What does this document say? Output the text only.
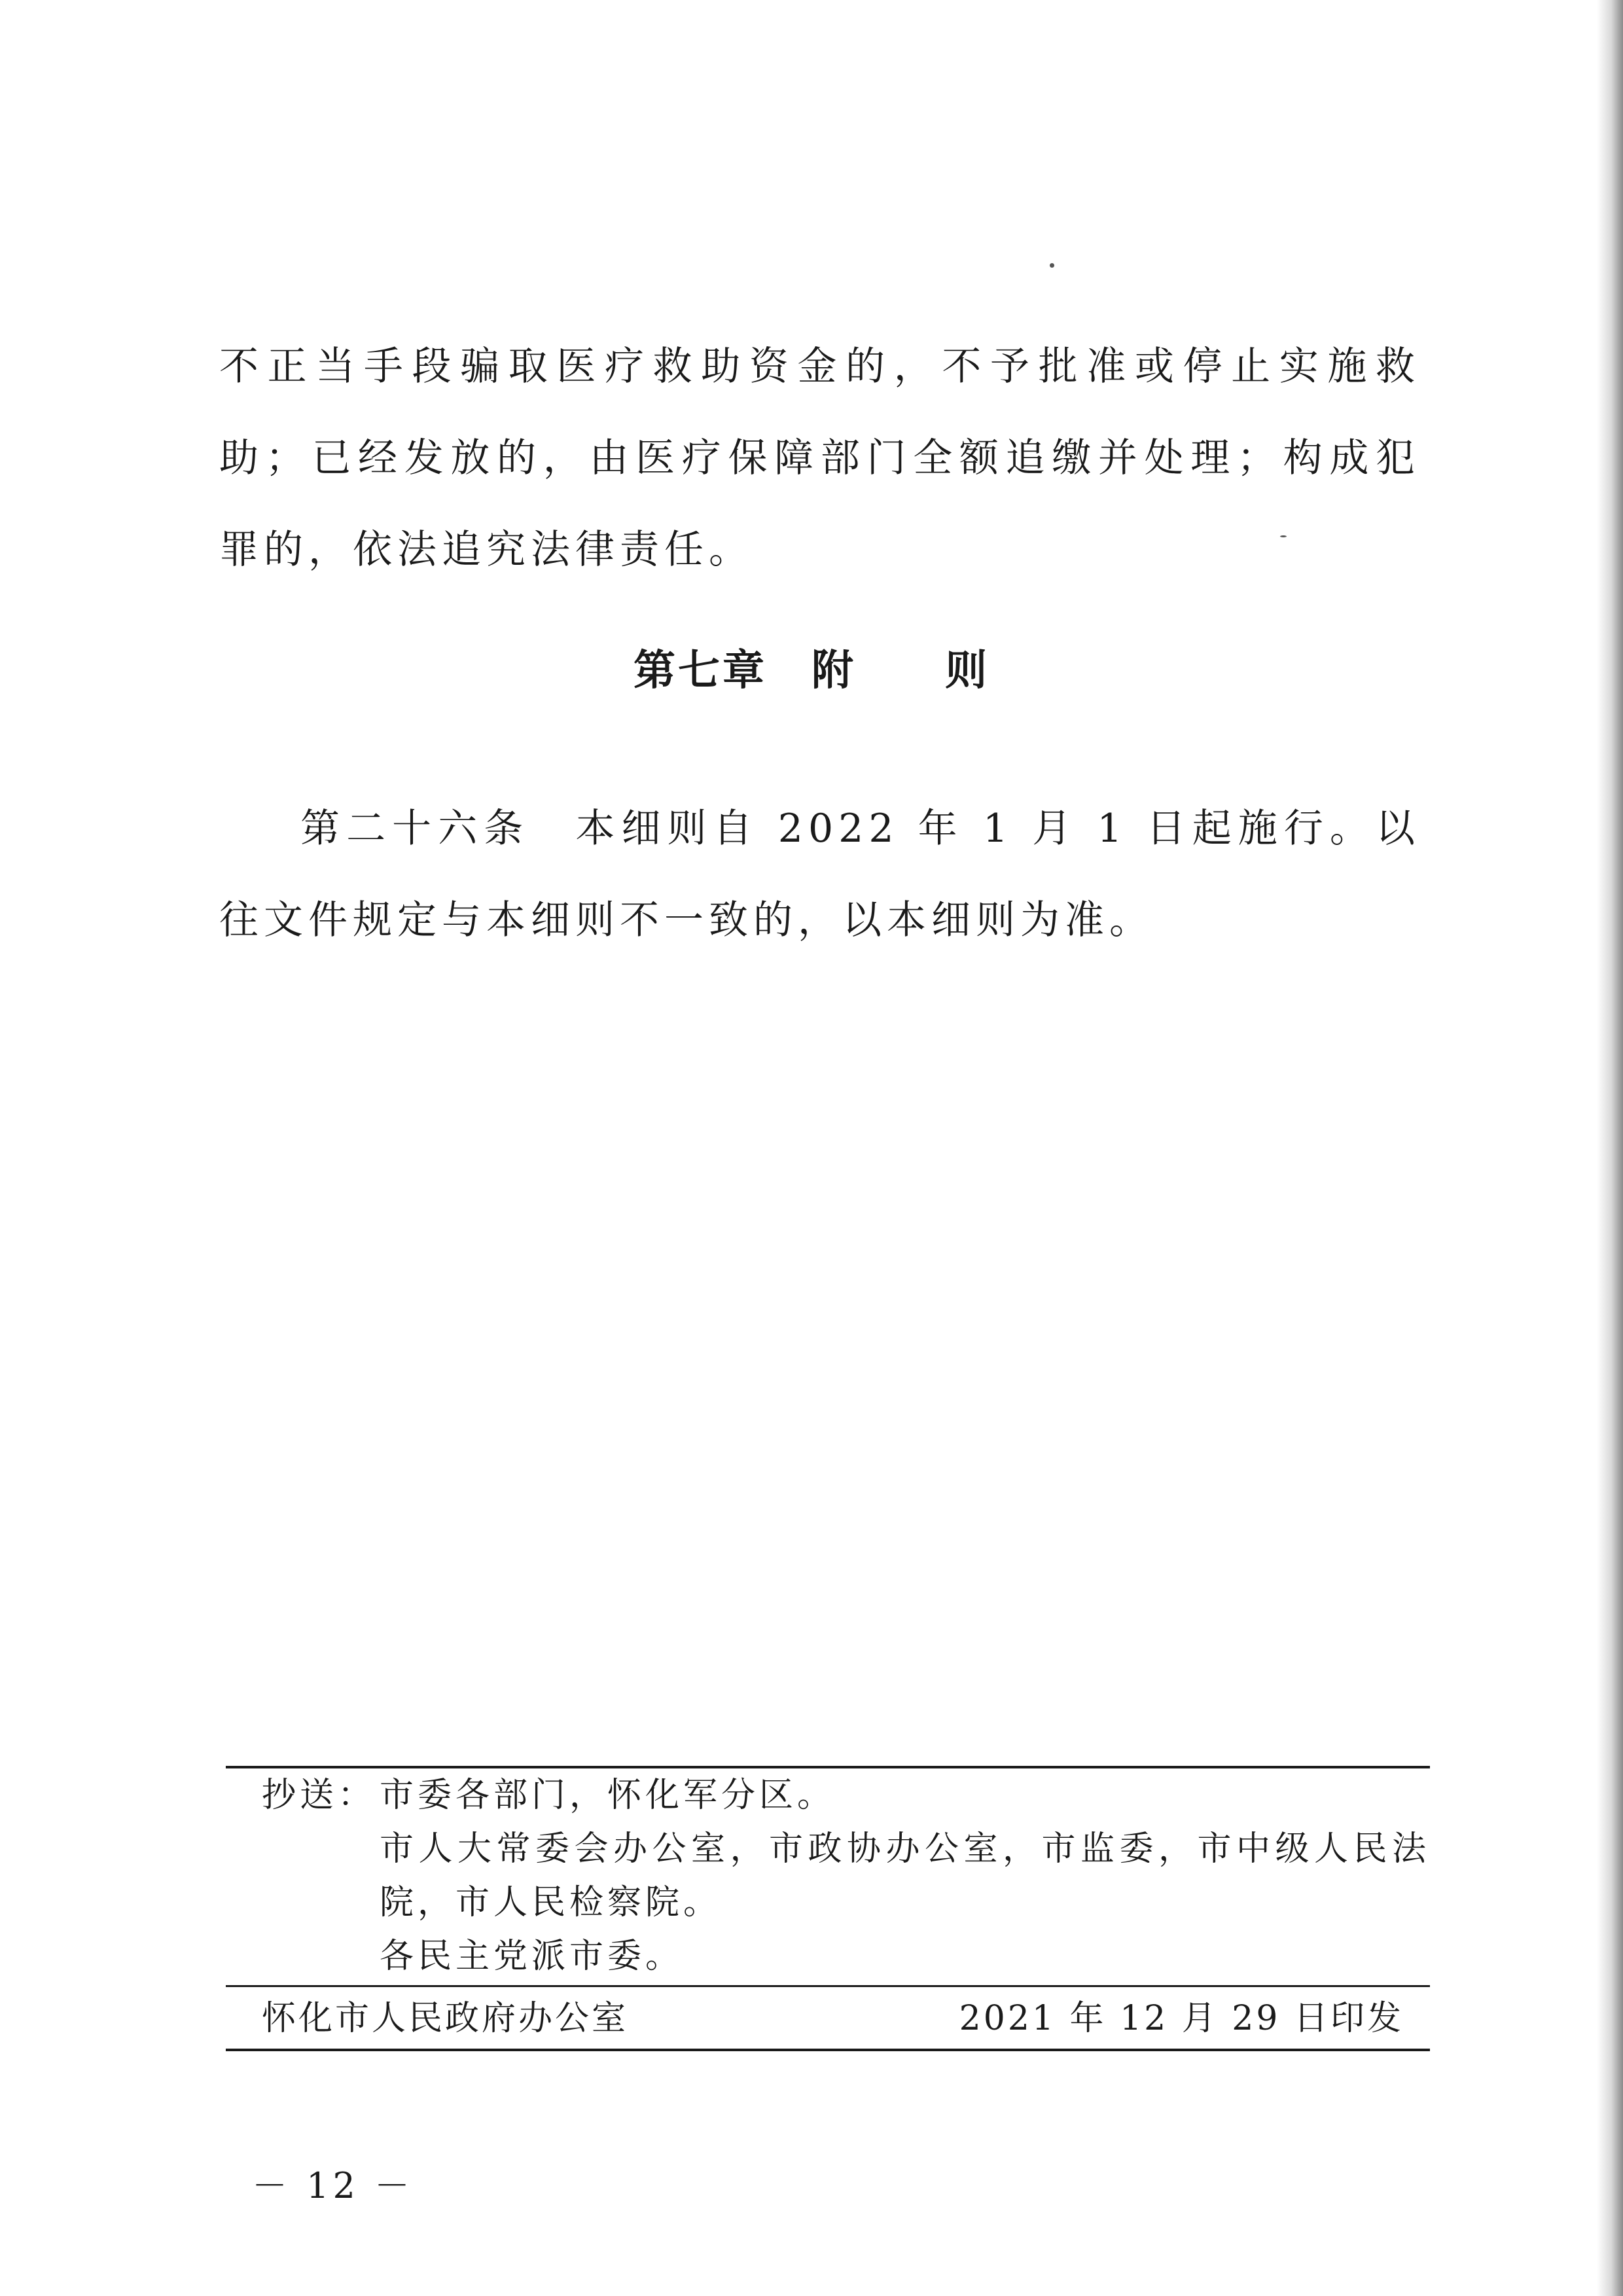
不正当手段骗取医疗救助资金的，不予批准或停止实施救助；已经发放的，由医疗保障部门全额追缴并处理；构成犯罪的，依法追究法律责任。

第七章　附　　则

第二十六条　本细则自 2022 年 1 月 1 日起施行。以往文件规定与本细则不一致的，以本细则为准。

抄送： 市委各部门，怀化军分区。
市人大常委会办公室，市政协办公室，市监委，市中级人民法院，市人民检察院。
各民主党派市委。
怀化市人民政府办公室	2021 年 12 月 29 日印发
－ 12 －
